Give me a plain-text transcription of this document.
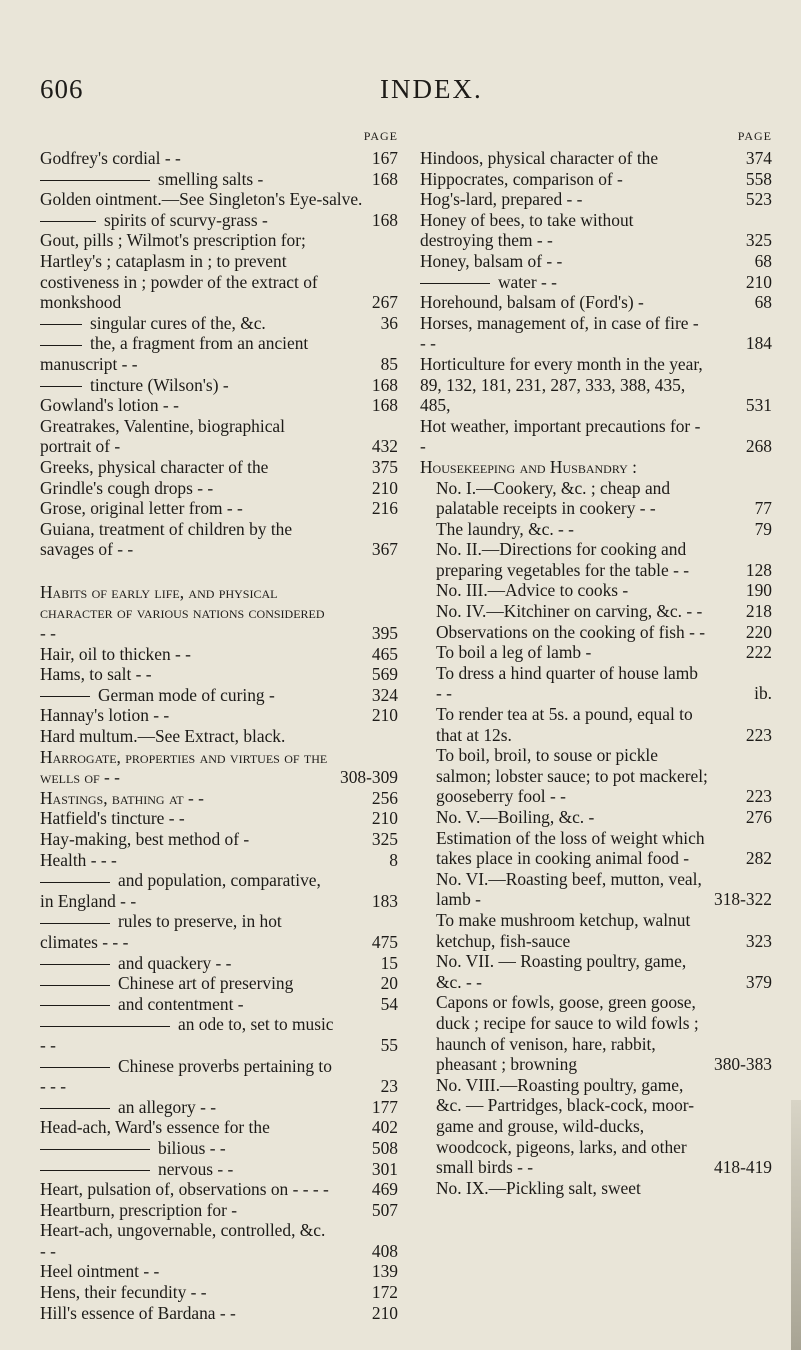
606	INDEX.
PAGE
Godfrey's cordial - -	167
smelling salts -	168
Golden ointment.—See Singleton's Eye-salve.
spirits of scurvy-grass -	168
Gout, pills ; Wilmot's prescription for; Hartley's ; cataplasm in ; to prevent costiveness in ; powder of the extract of monkshood	267
singular cures of the, &c.	36
the, a fragment from an ancient manuscript - -	85
tincture (Wilson's) -	168
Gowland's lotion - -	168
Greatrakes, Valentine, biographical portrait of -	432
Greeks, physical character of the	375
Grindle's cough drops - -	210
Grose, original letter from - -	216
Guiana, treatment of children by the savages of - -	367
Habits of early life, and physical character of various nations considered - -	395
Hair, oil to thicken - -	465
Hams, to salt - -	569
German mode of curing -	324
Hannay's lotion - -	210
Hard multum.—See Extract, black.
Harrogate, properties and virtues of the wells of - -	308-309
Hastings, bathing at - -	256
Hatfield's tincture - -	210
Hay-making, best method of -	325
Health - - -	8
and population, comparative, in England - -	183
rules to preserve, in hot climates - - -	475
and quackery - -	15
Chinese art of preserving	20
and contentment -	54
an ode to, set to music - -	55
Chinese proverbs pertaining to - - -	23
an allegory - -	177
Head-ach, Ward's essence for the	402
bilious - -	508
nervous - -	301
Heart, pulsation of, observations on - - - - 469
Heartburn, prescription for -	507
Heart-ach, ungovernable, controlled, &c. - -	408
Heel ointment - -	139
Hens, their fecundity - -	172
Hill's essence of Bardana - -	210
PAGE
Hindoos, physical character of the	374
Hippocrates, comparison of -	558
Hog's-lard, prepared - -	523
Honey of bees, to take without destroying them - -	325
Honey, balsam of - -	68
water - -	210
Horehound, balsam of (Ford's) -	68
Horses, management of, in case of fire - - -	184
Horticulture for every month in the year, 89, 132, 181, 231, 287, 333, 388, 435, 485,	531
Hot weather, important precautions for - -	268
Housekeeping and Husbandry :
No. I.—Cookery, &c. ; cheap and palatable receipts in cookery - -	77
The laundry, &c. - -	79
No. II.—Directions for cooking and preparing vegetables for the table - -	128
No. III.—Advice to cooks -	190
No. IV.—Kitchiner on carving, &c. - -	218
Observations on the cooking of fish - - 220
To boil a leg of lamb -	222
To dress a hind quarter of house lamb - -	ib.
To render tea at 5s. a pound, equal to that at 12s.	223
To boil, broil, to souse or pickle salmon; lobster sauce; to pot mackerel; gooseberry fool - -	223
No. V.—Boiling, &c. -	276
Estimation of the loss of weight which takes place in cooking animal food -	282
No. VI.—Roasting beef, mutton, veal, lamb -	318-322
To make mushroom ketchup, walnut ketchup, fish-sauce	323
No. VII. — Roasting poultry, game, &c. - -	379
Capons or fowls, goose, green goose, duck ; recipe for sauce to wild fowls ; haunch of venison, hare, rabbit, pheasant ; browning	380-383
No. VIII.—Roasting poultry, game, &c. — Partridges, black-cock, moor-game and grouse, wild-ducks, woodcock, pigeons, larks, and other small birds - -	418-419
No. IX.—Pickling salt, sweet
